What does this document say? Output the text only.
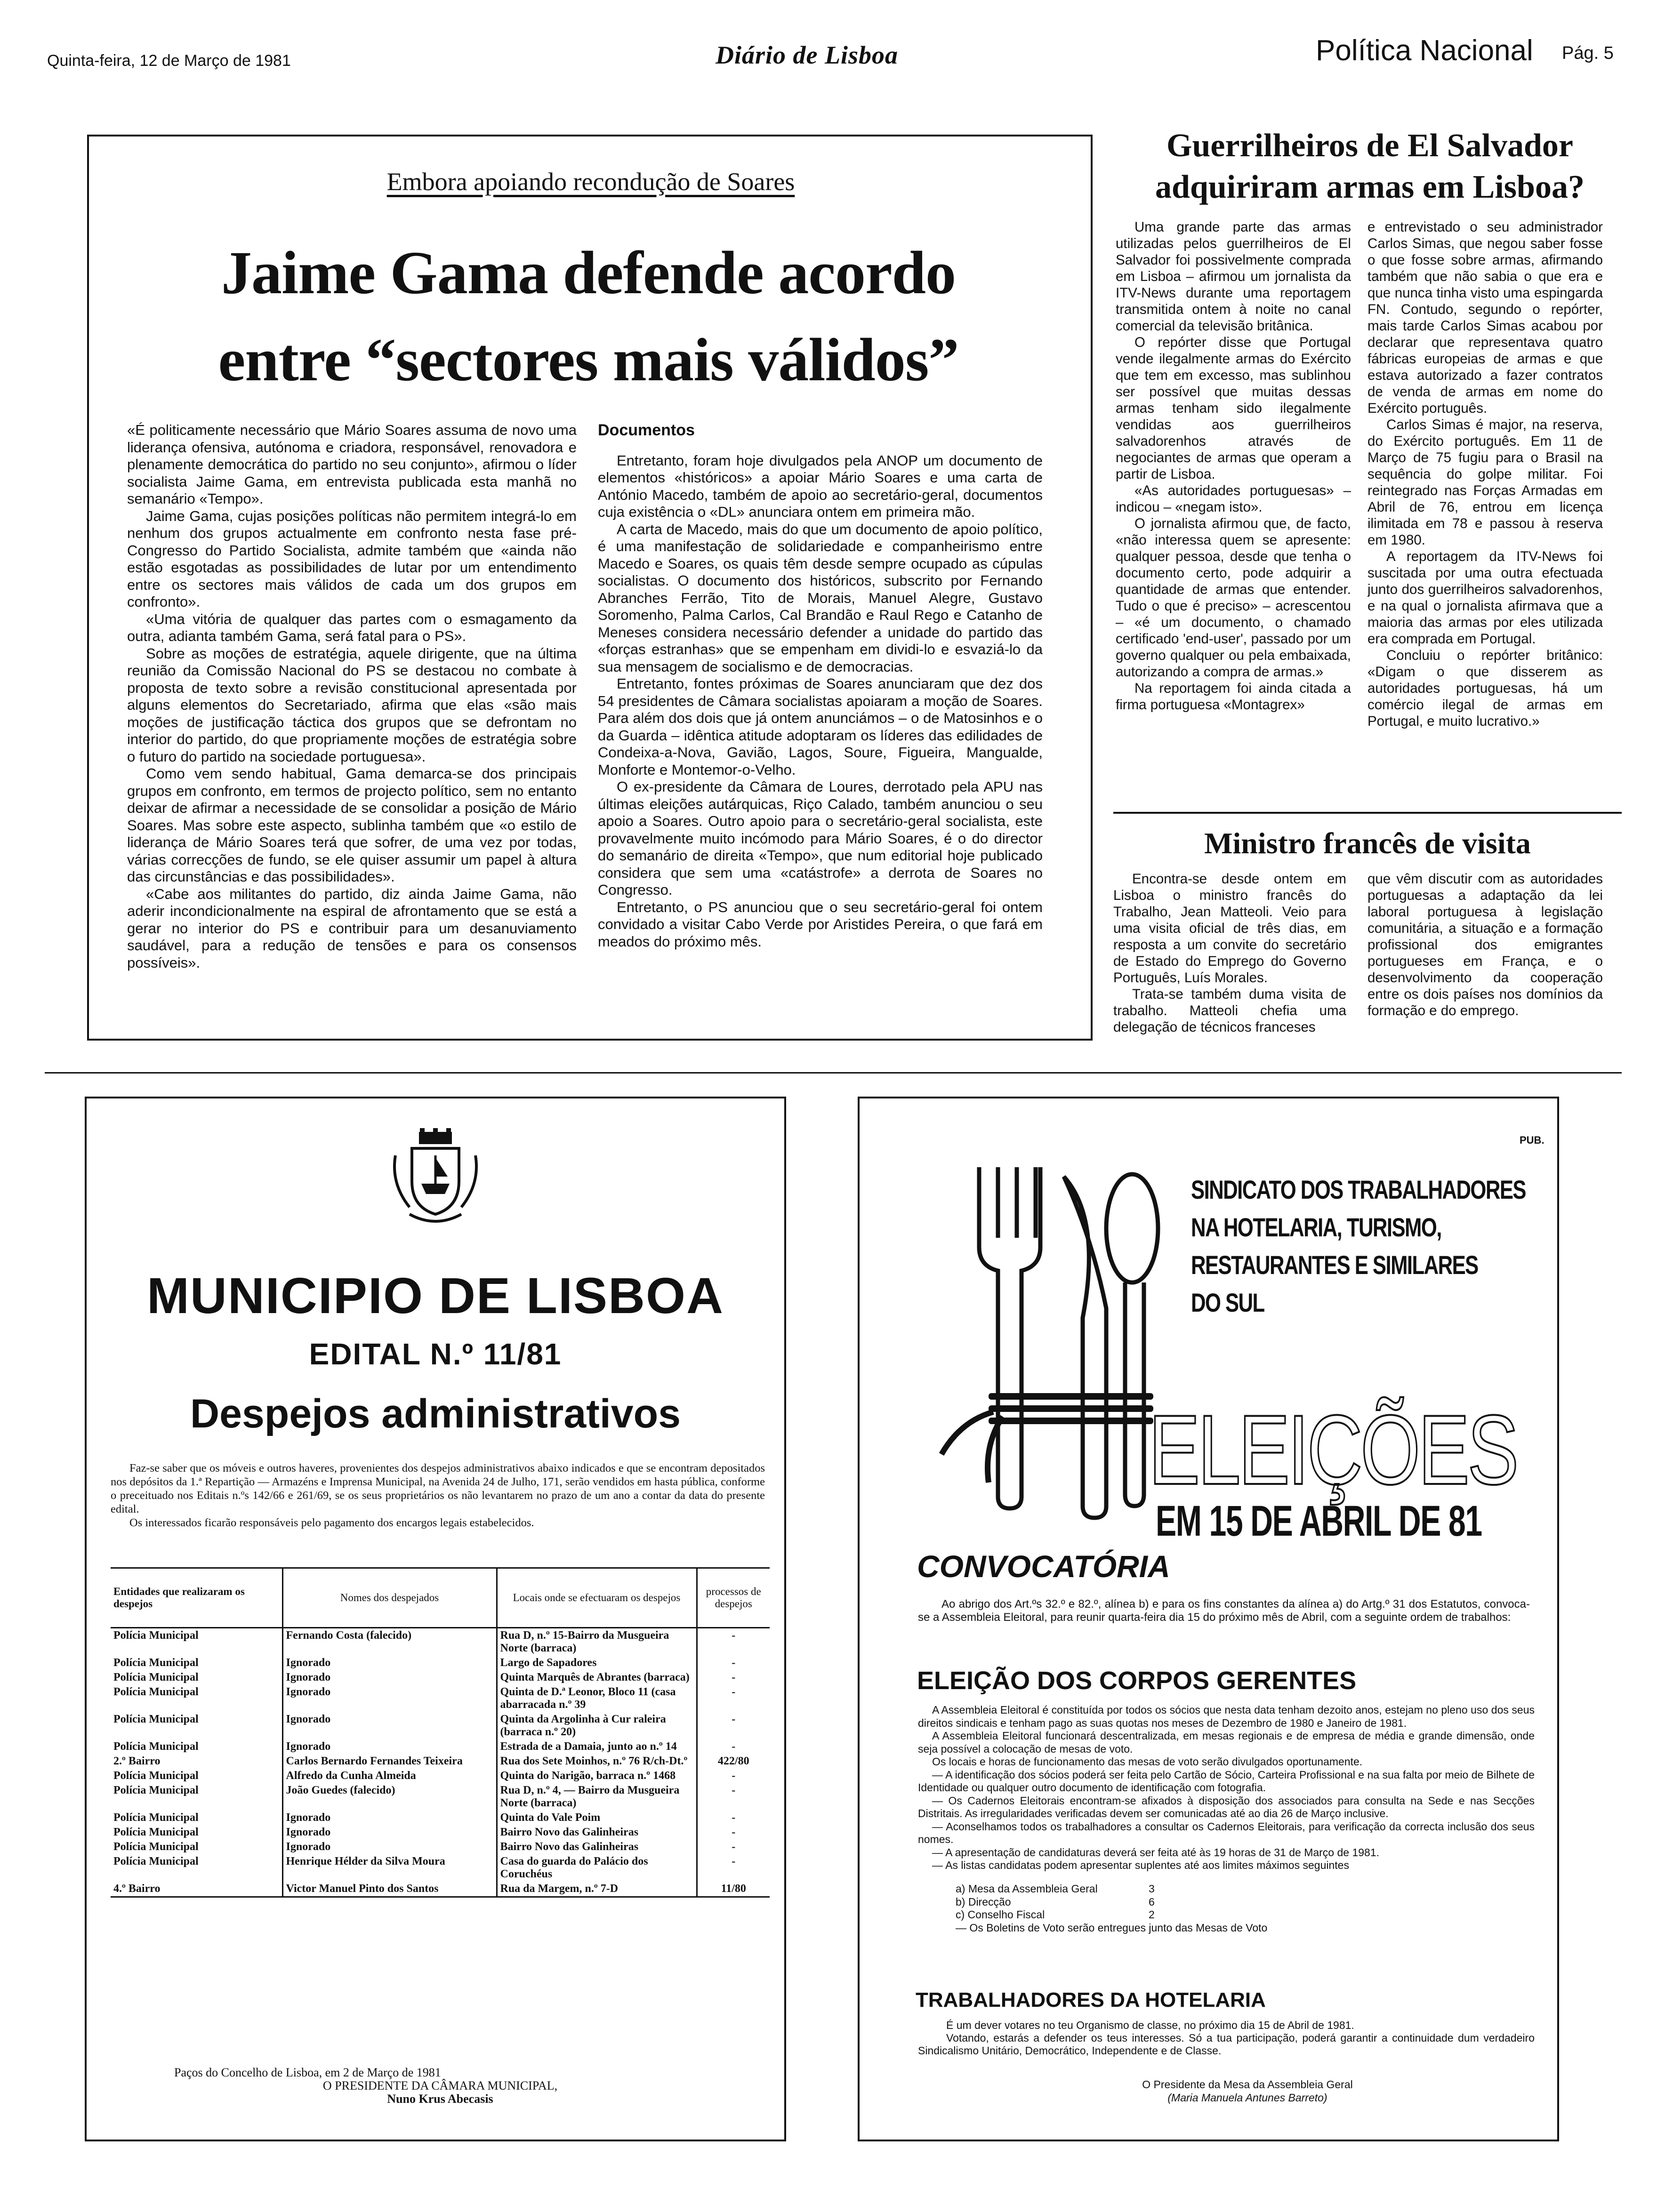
Quinta-feira, 12 de Março de 1981	Diário de Lisboa	Política Nacional Pág. 5
Embora apoiando recondução de Soares
Jaime Gama defende acordo
entre “sectores mais válidos”

«É politicamente necessário que Mário Soares assuma de novo uma liderança ofensiva, autónoma e criadora, responsável, renovadora e plenamente democrática do partido no seu conjunto», afirmou o líder socialista Jaime Gama, em entrevista publicada esta manhã no semanário «Tempo».

Jaime Gama, cujas posições políticas não permitem integrá-lo em nenhum dos grupos actualmente em confronto nesta fase pré-Congresso do Partido Socialista, admite também que «ainda não estão esgotadas as possibilidades de lutar por um entendimento entre os sectores mais válidos de cada um dos grupos em confronto».

«Uma vitória de qualquer das partes com o esmagamento da outra, adianta também Gama, será fatal para o PS».

Sobre as moções de estratégia, aquele dirigente, que na última reunião da Comissão Nacional do PS se destacou no combate à proposta de texto sobre a revisão constitucional apresentada por alguns elementos do Secretariado, afirma que elas «são mais moções de justificação táctica dos grupos que se defrontam no interior do partido, do que propriamente moções de estratégia sobre o futuro do partido na sociedade portuguesa».

Como vem sendo habitual, Gama demarca-se dos principais grupos em confronto, em termos de projecto político, sem no entanto deixar de afirmar a necessidade de se consolidar a posição de Mário Soares. Mas sobre este aspecto, sublinha também que «o estilo de liderança de Mário Soares terá que sofrer, de uma vez por todas, várias correcções de fundo, se ele quiser assumir um papel à altura das circunstâncias e das possibilidades».

«Cabe aos militantes do partido, diz ainda Jaime Gama, não aderir incondicionalmente na espiral de afrontamento que se está a gerar no interior do PS e contribuir para um desanuviamento saudável, para a redução de tensões e para os consensos possíveis».

Documentos

Entretanto, foram hoje divulgados pela ANOP um documento de elementos «históricos» a apoiar Mário Soares e uma carta de António Macedo, também de apoio ao secretário-geral, documentos cuja existência o «DL» anunciara ontem em primeira mão.

A carta de Macedo, mais do que um documento de apoio político, é uma manifestação de solidariedade e companheirismo entre Macedo e Soares, os quais têm desde sempre ocupado as cúpulas socialistas. O documento dos históricos, subscrito por Fernando Abranches Ferrão, Tito de Morais, Manuel Alegre, Gustavo Soromenho, Palma Carlos, Cal Brandão e Raul Rego e Catanho de Meneses considera necessário defender a unidade do partido das «forças estranhas» que se empenham em dividi-lo e esvaziá-lo da sua mensagem de socialismo e de democracias.

Entretanto, fontes próximas de Soares anunciaram que dez dos 54 presidentes de Câmara socialistas apoiaram a moção de Soares. Para além dos dois que já ontem anunciámos – o de Matosinhos e o da Guarda – idêntica atitude adoptaram os líderes das edilidades de Condeixa-a-Nova, Gavião, Lagos, Soure, Figueira, Mangualde, Monforte e Montemor-o-Velho.

O ex-presidente da Câmara de Loures, derrotado pela APU nas últimas eleições autárquicas, Riço Calado, também anunciou o seu apoio a Soares. Outro apoio para o secretário-geral socialista, este provavelmente muito incómodo para Mário Soares, é o do director do semanário de direita «Tempo», que num editorial hoje publicado considera que sem uma «catástrofe» a derrota de Soares no Congresso.

Entretanto, o PS anunciou que o seu secretário-geral foi ontem convidado a visitar Cabo Verde por Aristides Pereira, o que fará em meados do próximo mês.

Guerrilheiros de El Salvador
adquiriram armas em Lisboa?

Uma grande parte das armas utilizadas pelos guerrilheiros de El Salvador foi possivelmente comprada em Lisboa – afirmou um jornalista da ITV-News durante uma reportagem transmitida ontem à noite no canal comercial da televisão britânica.

O repórter disse que Portugal vende ilegalmente armas do Exército que tem em excesso, mas sublinhou ser possível que muitas dessas armas tenham sido ilegalmente vendidas aos guerrilheiros salvadorenhos através de negociantes de armas que operam a partir de Lisboa.

«As autoridades portuguesas» – indicou – «negam isto».

O jornalista afirmou que, de facto, «não interessa quem se apresente: qualquer pessoa, desde que tenha o documento certo, pode adquirir a quantidade de armas que entender. Tudo o que é preciso» – acrescentou – «é um documento, o chamado certificado 'end-user', passado por um governo qualquer ou pela embaixada, autorizando a compra de armas.»

Na reportagem foi ainda citada a firma portuguesa «Montagrex»

e entrevistado o seu administrador Carlos Simas, que negou saber fosse o que fosse sobre armas, afirmando também que não sabia o que era e que nunca tinha visto uma espingarda FN. Contudo, segundo o repórter, mais tarde Carlos Simas acabou por declarar que representava quatro fábricas europeias de armas e que estava autorizado a fazer contratos de venda de armas em nome do Exército português.

Carlos Simas é major, na reserva, do Exército português. Em 11 de Março de 75 fugiu para o Brasil na sequência do golpe militar. Foi reintegrado nas Forças Armadas em Abril de 76, entrou em licença ilimitada em 78 e passou à reserva em 1980.

A reportagem da ITV-News foi suscitada por uma outra efectuada junto dos guerrilheiros salvadorenhos, e na qual o jornalista afirmava que a maioria das armas por eles utilizada era comprada em Portugal.

Concluiu o repórter britânico: «Digam o que disserem as autoridades portuguesas, há um comércio ilegal de armas em Portugal, e muito lucrativo.»

Ministro francês de visita

Encontra-se desde ontem em Lisboa o ministro francês do Trabalho, Jean Matteoli. Veio para uma visita oficial de três dias, em resposta a um convite do secretário de Estado do Emprego do Governo Português, Luís Morales.

Trata-se também duma visita de trabalho. Matteoli chefia uma delegação de técnicos franceses

que vêm discutir com as autoridades portuguesas a adaptação da lei laboral portuguesa à legislação comunitária, a situação e a formação profissional dos emigrantes portugueses em França, e o desenvolvimento da cooperação entre os dois países nos domínios da formação e do emprego.

MUNICIPIO DE LISBOA
EDITAL N.º 11/81
Despejos administrativos

Faz-se saber que os móveis e outros haveres, provenientes dos despejos administrativos abaixo indicados e que se encontram depositados nos depósitos da 1.ª Repartição — Armazéns e Imprensa Municipal, na Avenida 24 de Julho, 171, serão vendidos em hasta pública, conforme o preceituado nos Editais n.ºs 142/66 e 261/69, se os seus proprietários os não levantarem no prazo de um ano a contar da data do presente edital.

Os interessados ficarão responsáveis pelo pagamento dos encargos legais estabelecidos.

Entidades que realizaram os despejos	Nomes dos despejados	Locais onde se efectuaram os despejos	processos de despejos
Polícia Municipal	Fernando Costa (falecido)	Rua D, n.º 15-Bairro da Musgueira Norte (barraca)	-
Polícia Municipal	Ignorado	Largo de Sapadores	-
Polícia Municipal	Ignorado	Quinta Marquês de Abrantes (barraca)	-
Polícia Municipal	Ignorado	Quinta de D.ª Leonor, Bloco 11 (casa abarracada n.º 39	-
Polícia Municipal	Ignorado	Quinta da Argolinha à Cur raleira (barraca n.º 20)	-
Polícia Municipal	Ignorado	Estrada de a Damaia, junto ao n.º 14	-
2.º Bairro	Carlos Bernardo Fernandes Teixeira	Rua dos Sete Moinhos, n.º 76 R/ch-Dt.º	422/80
Polícia Municipal	Alfredo da Cunha Almeida	Quinta do Narigão, barraca n.º 1468	-
Polícia Municipal	João Guedes (falecido)	Rua D, n.º 4, — Bairro da Musgueira Norte (barraca)	-
Polícia Municipal	Ignorado	Quinta do Vale Poim	-
Polícia Municipal	Ignorado	Bairro Novo das Galinheiras	-
Polícia Municipal	Ignorado	Bairro Novo das Galinheiras	-
Polícia Municipal	Henrique Hélder da Silva Moura	Casa do guarda do Palácio dos Coruchéus	-
4.º Bairro	Victor Manuel Pinto dos Santos	Rua da Margem, n.º 7-D	11/80

Paços do Concelho de Lisboa, em 2 de Março de 1981

O PRESIDENTE DA CÂMARA MUNICIPAL,

Nuno Krus Abecasis

PUB.
SINDICATO DOS TRABALHADORES
NA HOTELARIA, TURISMO,
RESTAURANTES E SIMILARES
DO SUL
ELEIÇÕES
EM 15 DE ABRIL DE 81
CONVOCATÓRIA
Ao abrigo dos Art.ºs 32.º e 82.º, alínea b) e para os fins constantes da alínea a) do Artg.º 31 dos Estatutos, convoca-se a Assembleia Eleitoral, para reunir quarta-feira dia 15 do próximo mês de Abril, com a seguinte ordem de trabalhos:
ELEIÇÃO DOS CORPOS GERENTES

A Assembleia Eleitoral é constituída por todos os sócios que nesta data tenham dezoito anos, estejam no pleno uso dos seus direitos sindicais e tenham pago as suas quotas nos meses de Dezembro de 1980 e Janeiro de 1981.

A Assembleia Eleitoral funcionará descentralizada, em mesas regionais e de empresa de média e grande dimensão, onde seja possível a colocação de mesas de voto.

Os locais e horas de funcionamento das mesas de voto serão divulgados oportunamente.

— A identificação dos sócios poderá ser feita pelo Cartão de Sócio, Carteira Profissional e na sua falta por meio de Bilhete de Identidade ou qualquer outro documento de identificação com fotografia.

— Os Cadernos Eleitorais encontram-se afixados à disposição dos associados para consulta na Sede e nas Secções Distritais. As irregularidades verificadas devem ser comunicadas até ao dia 26 de Março inclusive.

— Aconselhamos todos os trabalhadores a consultar os Cadernos Eleitorais, para verificação da correcta inclusão dos seus nomes.

— A apresentação de candidaturas deverá ser feita até às 19 horas de 31 de Março de 1981.

— As listas candidatas podem apresentar suplentes até aos limites máximos seguintes

a) Mesa da Assembleia Geral	3
b) Direcção	6
c) Conselho Fiscal	2
— Os Boletins de Voto serão entregues junto das Mesas de Voto
TRABALHADORES DA HOTELARIA

É um dever votares no teu Organismo de classe, no próximo dia 15 de Abril de 1981.

Votando, estarás a defender os teus interesses. Só a tua participação, poderá garantir a continuidade dum verdadeiro Sindicalismo Unitário, Democrático, Independente e de Classe.

O Presidente da Mesa da Assembleia Geral

(Maria Manuela Antunes Barreto)
